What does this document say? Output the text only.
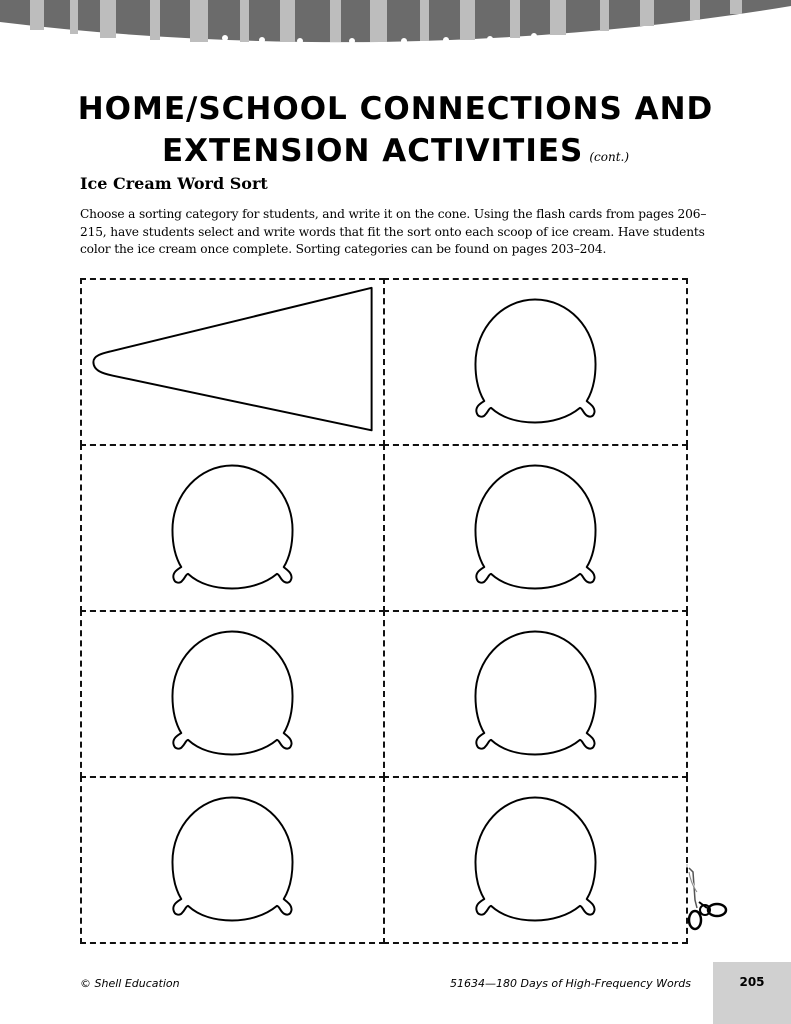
HOME/SCHOOL CONNECTIONS AND
EXTENSION ACTIVITIES (cont.)
Ice Cream Word Sort

Choose a sorting category for students, and write it on the cone. Using the flash cards from pages 206–215, have students select and write words that fit the sort onto each scoop of ice cream. Have students color the ice cream once complete. Sorting categories can be found on pages 203–204.

© Shell Education	51634—180 Days of High-Frequency Words	205
